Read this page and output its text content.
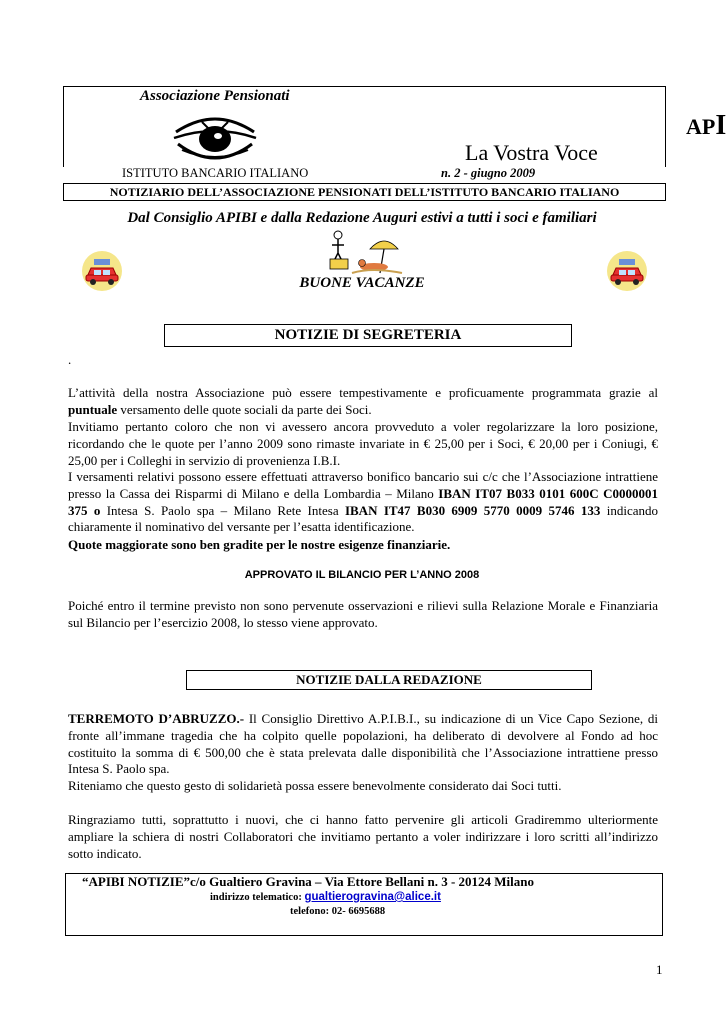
Associazione Pensionati
La Vostra Voce
API
ISTITUTO BANCARIO ITALIANO	n. 2 - giugno 2009
NOTIZIARIO DELL’ASSOCIAZIONE PENSIONATI DELL’ISTITUTO BANCARIO ITALIANO
Dal Consiglio APIBI e dalla Redazione Auguri estivi a tutti i soci e familiari
BUONE VACANZE
NOTIZIE DI SEGRETERIA
.
L’attività della nostra Associazione può essere tempestivamente e proficuamente programmata grazie al puntuale versamento delle quote sociali da parte dei Soci.
Invitiamo pertanto coloro che non vi avessero ancora provveduto a voler regolarizzare la loro posizione, ricordando che le quote per l’anno 2009 sono rimaste invariate in € 25,00 per i Soci, € 20,00 per i Coniugi, € 25,00 per i Colleghi in servizio di provenienza I.B.I.
I versamenti relativi possono essere effettuati attraverso bonifico bancario sui c/c che l’Associazione intrattiene presso la Cassa dei Risparmi di Milano e della Lombardia – Milano IBAN IT07 B033 0101 600C C0000001 375 o Intesa S. Paolo spa – Milano Rete Intesa IBAN IT47 B030 6909 5770 0009 5746 133 indicando chiaramente il nominativo del versante per l’esatta identificazione.
Quote maggiorate sono ben gradite per le nostre esigenze finanziarie.
APPROVATO IL BILANCIO PER L’ANNO 2008
Poiché entro il termine previsto non sono pervenute osservazioni e rilievi sulla Relazione Morale e Finanziaria sul Bilancio per l’esercizio 2008, lo stesso viene approvato.
NOTIZIE DALLA REDAZIONE
TERREMOTO D’ABRUZZO.- Il Consiglio Direttivo A.P.I.B.I., su indicazione di un Vice Capo Sezione, di fronte all’immane tragedia che ha colpito quelle popolazioni, ha deliberato di devolvere al Fondo ad hoc costituito la somma di € 500,00 che è stata prelevata dalle disponibilità che l’Associazione intrattiene presso Intesa S. Paolo spa.
Riteniamo che questo gesto di solidarietà possa essere benevolmente considerato dai Soci tutti.
Ringraziamo tutti, soprattutto i nuovi, che ci hanno fatto pervenire gli articoli Gradiremmo ulteriormente ampliare la schiera di nostri Collaboratori che invitiamo pertanto a voler indirizzare i loro scritti all’indirizzo sotto indicato.
“APIBI NOTIZIE”c/o Gualtiero Gravina – Via Ettore Bellani n. 3 - 20124 Milano
indirizzo telematico: gualtierogravina@alice.it
telefono: 02- 6695688
1
